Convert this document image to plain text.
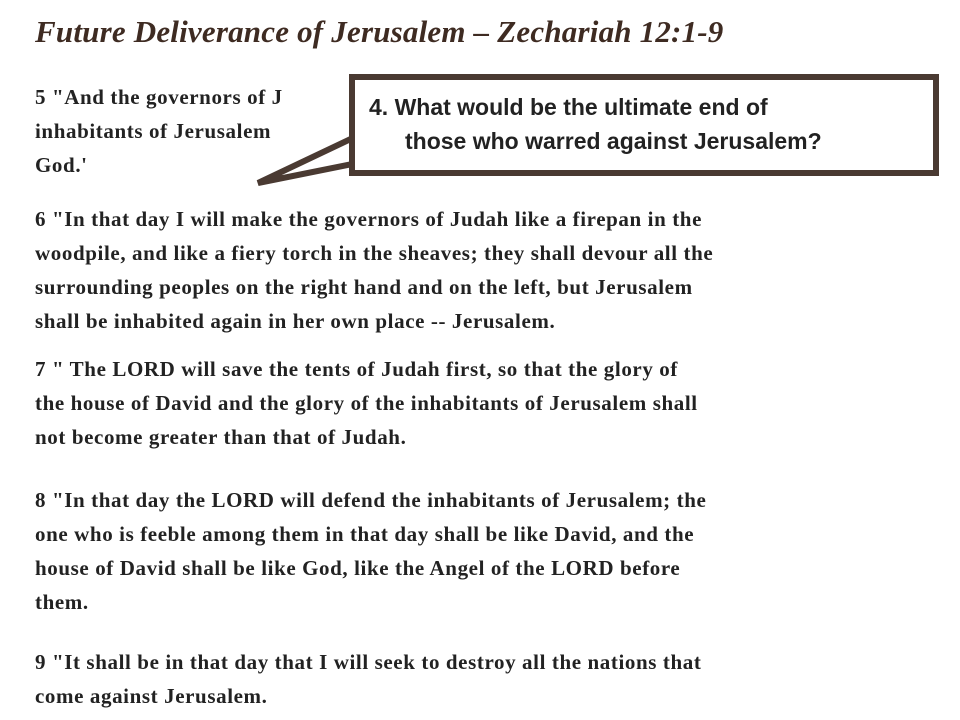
Future Deliverance of Jerusalem – Zechariah 12:1-9
5 "And the governors of J
inhabitants of Jerusalem
God.'
6 "In that day I will make the governors of Judah like a firepan in the
woodpile, and like a fiery torch in the sheaves; they shall devour all the
surrounding peoples on the right hand and on the left, but Jerusalem
shall be inhabited again in her own place -- Jerusalem.
7 " The LORD will save the tents of Judah first, so that the glory of
the house of David and the glory of the inhabitants of Jerusalem shall
not become greater than that of Judah.
8 "In that day the LORD will defend the inhabitants of Jerusalem; the
one who is feeble among them in that day shall be like David, and the
house of David shall be like God, like the Angel of the LORD before
them.
9 "It shall be in that day that I will seek to destroy all the nations that
come against Jerusalem.
4. What would be the ultimate end of
those who warred against Jerusalem?
